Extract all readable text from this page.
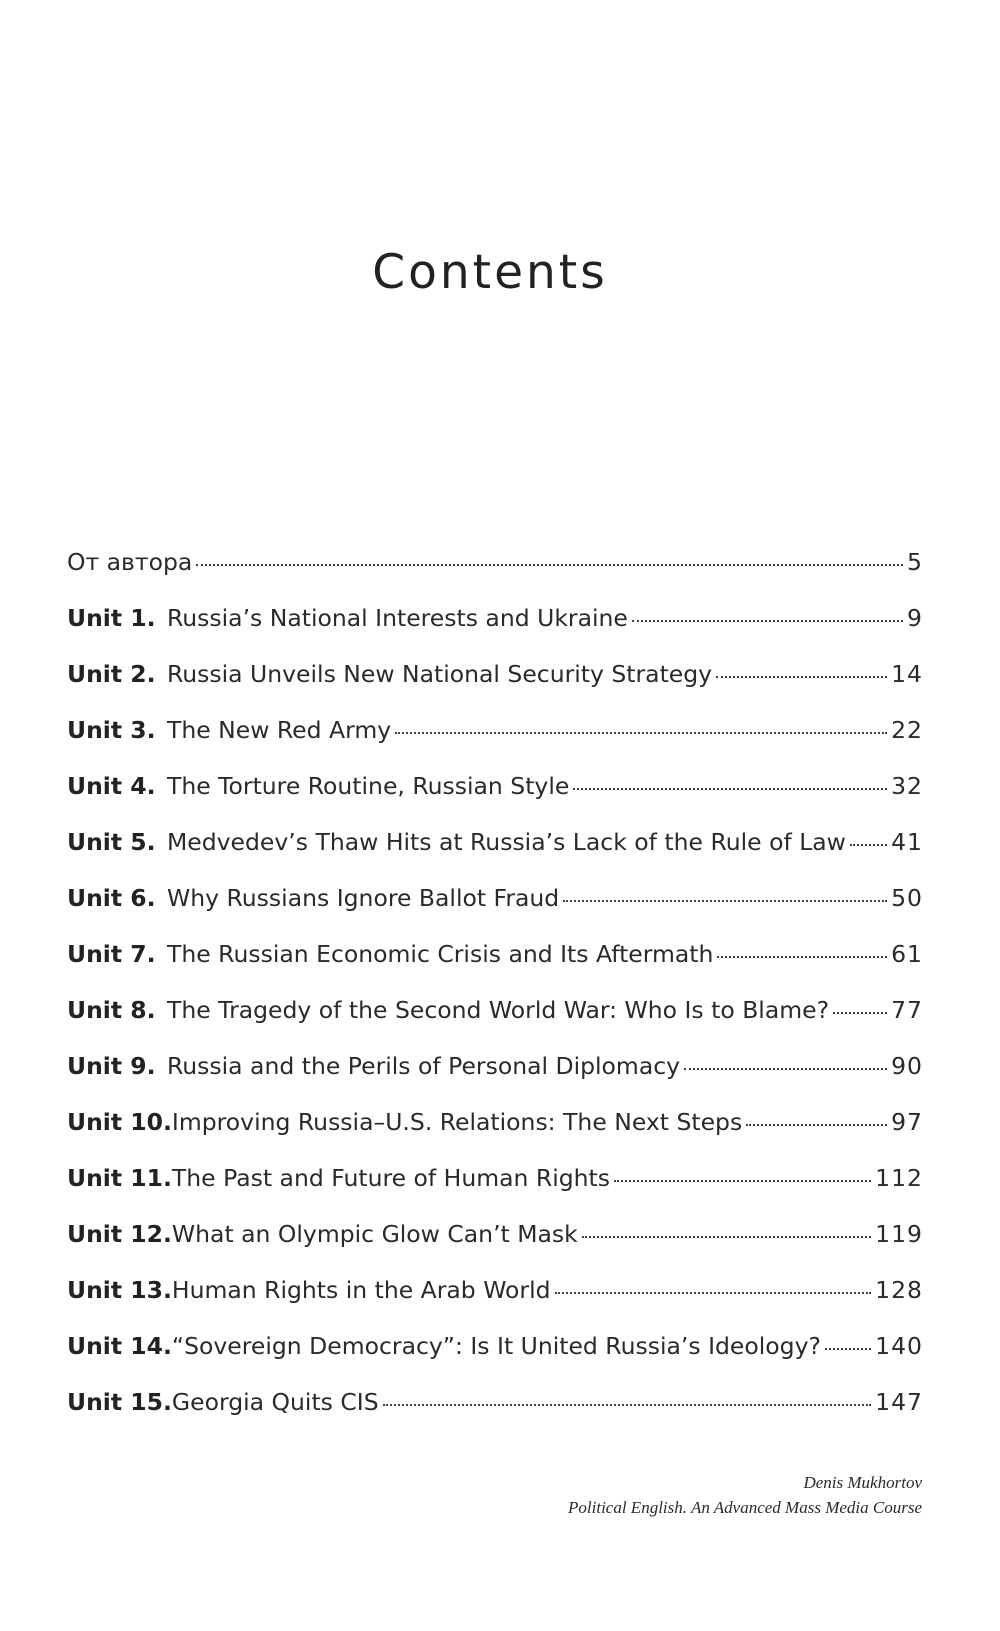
Contents
От автора	5
Unit 1. Russia’s National Interests and Ukraine	9
Unit 2. Russia Unveils New National Security Strategy	14
Unit 3. The New Red Army	22
Unit 4. The Torture Routine, Russian Style	32
Unit 5. Medvedev’s Thaw Hits at Russia’s Lack of the Rule of Law 41
Unit 6. Why Russians Ignore Ballot Fraud	50
Unit 7. The Russian Economic Crisis and Its Aftermath	61
Unit 8. The Tragedy of the Second World War: Who Is to Blame?	77
Unit 9. Russia and the Perils of Personal Diplomacy	90
Unit 10. Improving Russia–U.S. Relations: The Next Steps	97
Unit 11. The Past and Future of Human Rights	112
Unit 12. What an Olympic Glow Can’t Mask	119
Unit 13. Human Rights in the Arab World	128
Unit 14. “Sovereign Democracy”: Is It United Russia’s Ideology? 140
Unit 15. Georgia Quits CIS	147
Denis Mukhortov
Political English. An Advanced Mass Media Course
